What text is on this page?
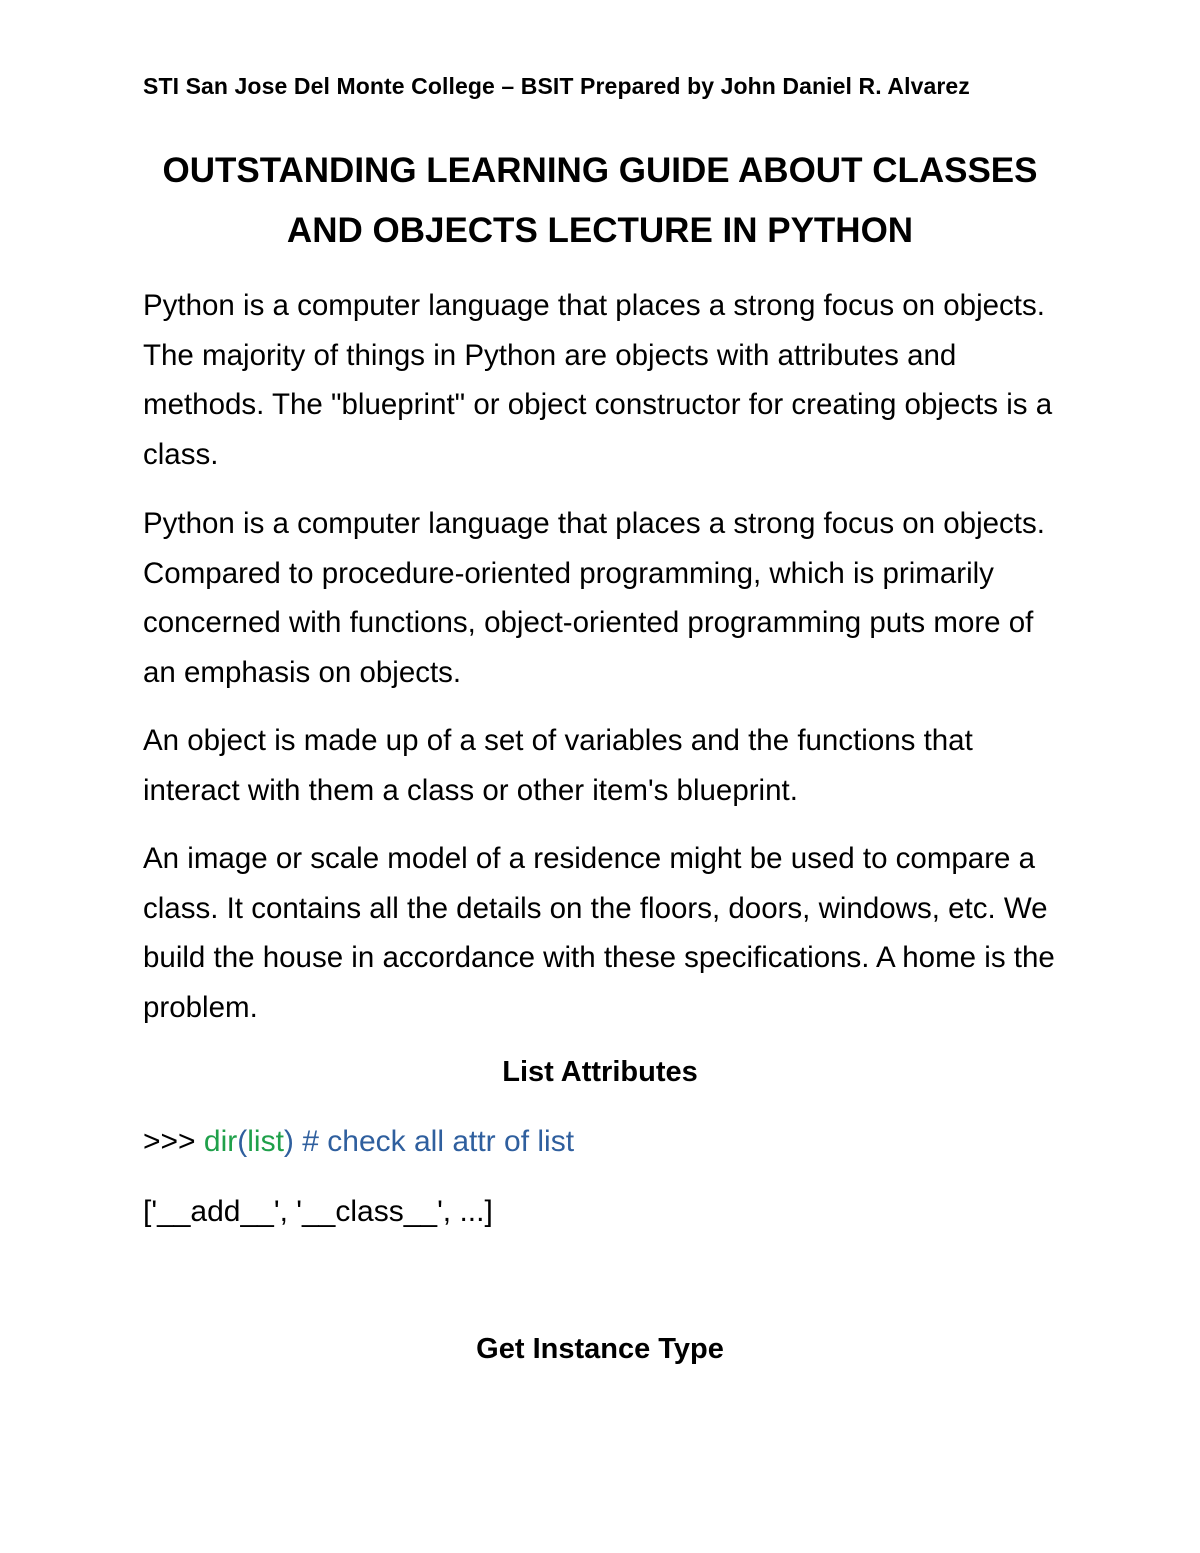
STI San Jose Del Monte College – BSIT Prepared by John Daniel R. Alvarez
OUTSTANDING LEARNING GUIDE ABOUT CLASSES
AND OBJECTS LECTURE IN PYTHON

Python is a computer language that places a strong focus on objects. The majority of things in Python are objects with attributes and methods. The "blueprint" or object constructor for creating objects is a class.

Python is a computer language that places a strong focus on objects. Compared to procedure-oriented programming, which is primarily concerned with functions, object-oriented programming puts more of an emphasis on objects.

An object is made up of a set of variables and the functions that interact with them a class or other item's blueprint.

An image or scale model of a residence might be used to compare a class. It contains all the details on the floors, doors, windows, etc. We build the house in accordance with these specifications. A home is the problem.

List Attributes
>>> dir(list) # check all attr of list
['__add__', '__class__', ...]
Get Instance Type
